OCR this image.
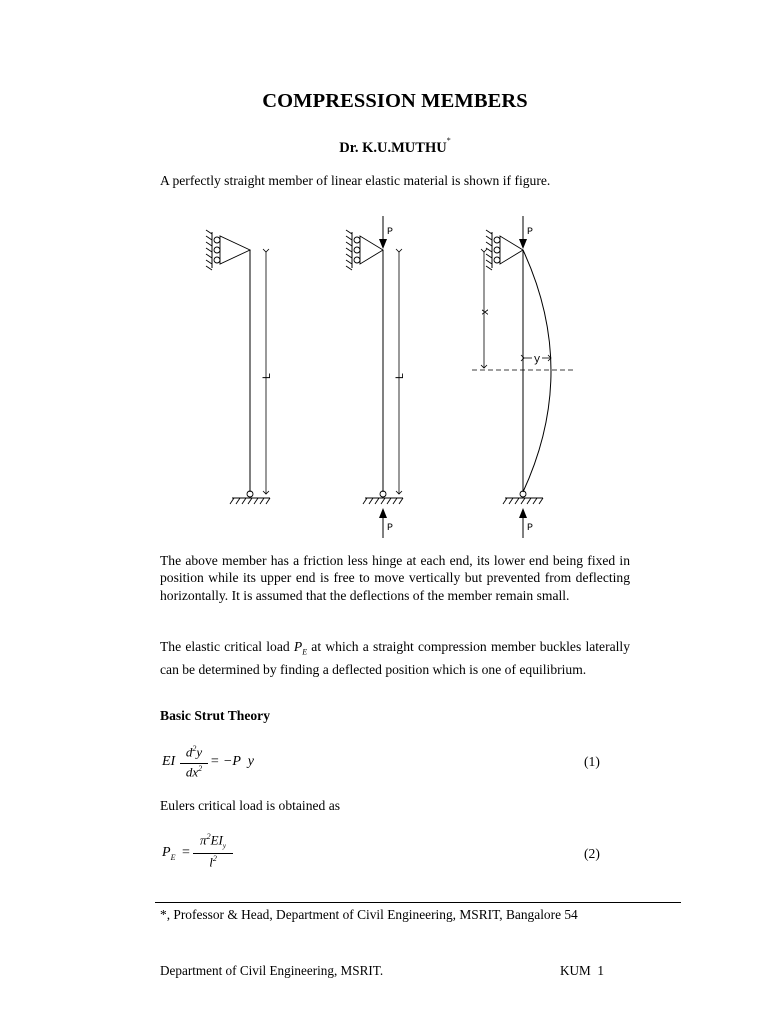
COMPRESSION MEMBERS
Dr. K.U.MUTHU*
A perfectly straight member of linear elastic material is shown if figure.
L
P
P
L
P
x
y
P
The above member has a friction less hinge at each end, its lower end being fixed in position while its upper end is free to move vertically but prevented from deflecting horizontally. It is assumed that the deflections of the member remain small.
The elastic critical load $P_E$ at which a straight compression member buckles laterally can be determined by finding a deflected position which is one of equilibrium.
Basic Strut Theory
EI
$d^2y$
$dx^2 = -P$  y	(1)
Eulers critical load is obtained as
$P_E$ =
$\pi^2EI_y$
$l^2$	(2)
*, Professor & Head, Department of Civil Engineering, MSRIT, Bangalore 54
Department of Civil Engineering, MSRIT.	KUM  1
